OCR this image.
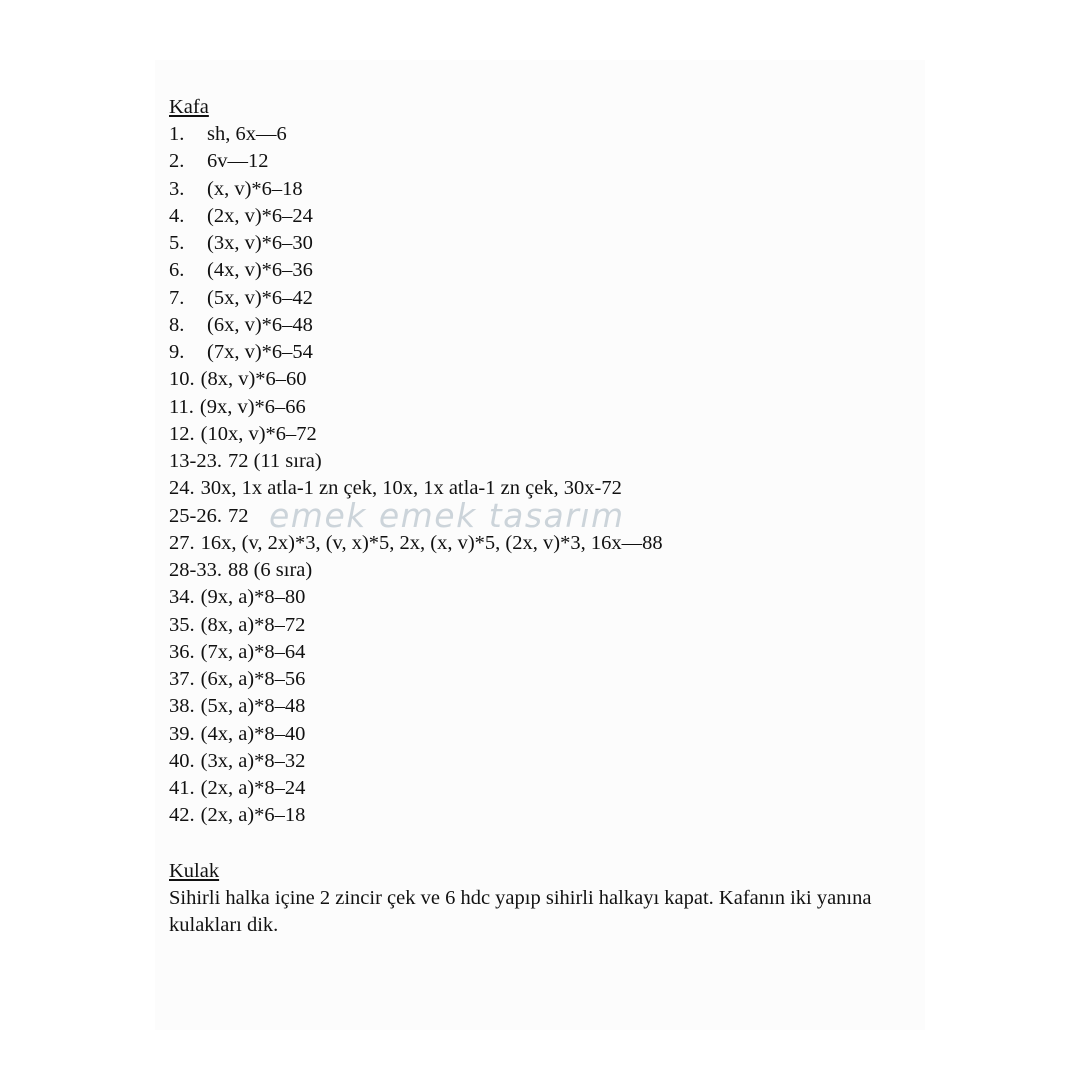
Kafa
1. sh, 6x—6
2. 6v—12
3. (x, v)*6–18
4. (2x, v)*6–24
5. (3x, v)*6–30
6. (4x, v)*6–36
7. (5x, v)*6–42
8. (6x, v)*6–48
9. (7x, v)*6–54
10. (8x, v)*6–60
11. (9x, v)*6–66
12. (10x, v)*6–72
13-23. 72 (11 sıra)
24. 30x, 1x atla-1 zn çek, 10x, 1x atla-1 zn çek, 30x-72
25-26. 72
27. 16x, (v, 2x)*3, (v, x)*5, 2x, (x, v)*5, (2x, v)*3, 16x—88
28-33. 88 (6 sıra)
34. (9x, a)*8–80
35. (8x, a)*8–72
36. (7x, a)*8–64
37. (6x, a)*8–56
38. (5x, a)*8–48
39. (4x, a)*8–40
40. (3x, a)*8–32
41. (2x, a)*8–24
42. (2x, a)*6–18
Kulak
Sihirli halka içine 2 zincir çek ve 6 hdc yapıp sihirli halkayı kapat. Kafanın iki yanına kulakları dik.
emek emek tasarım
